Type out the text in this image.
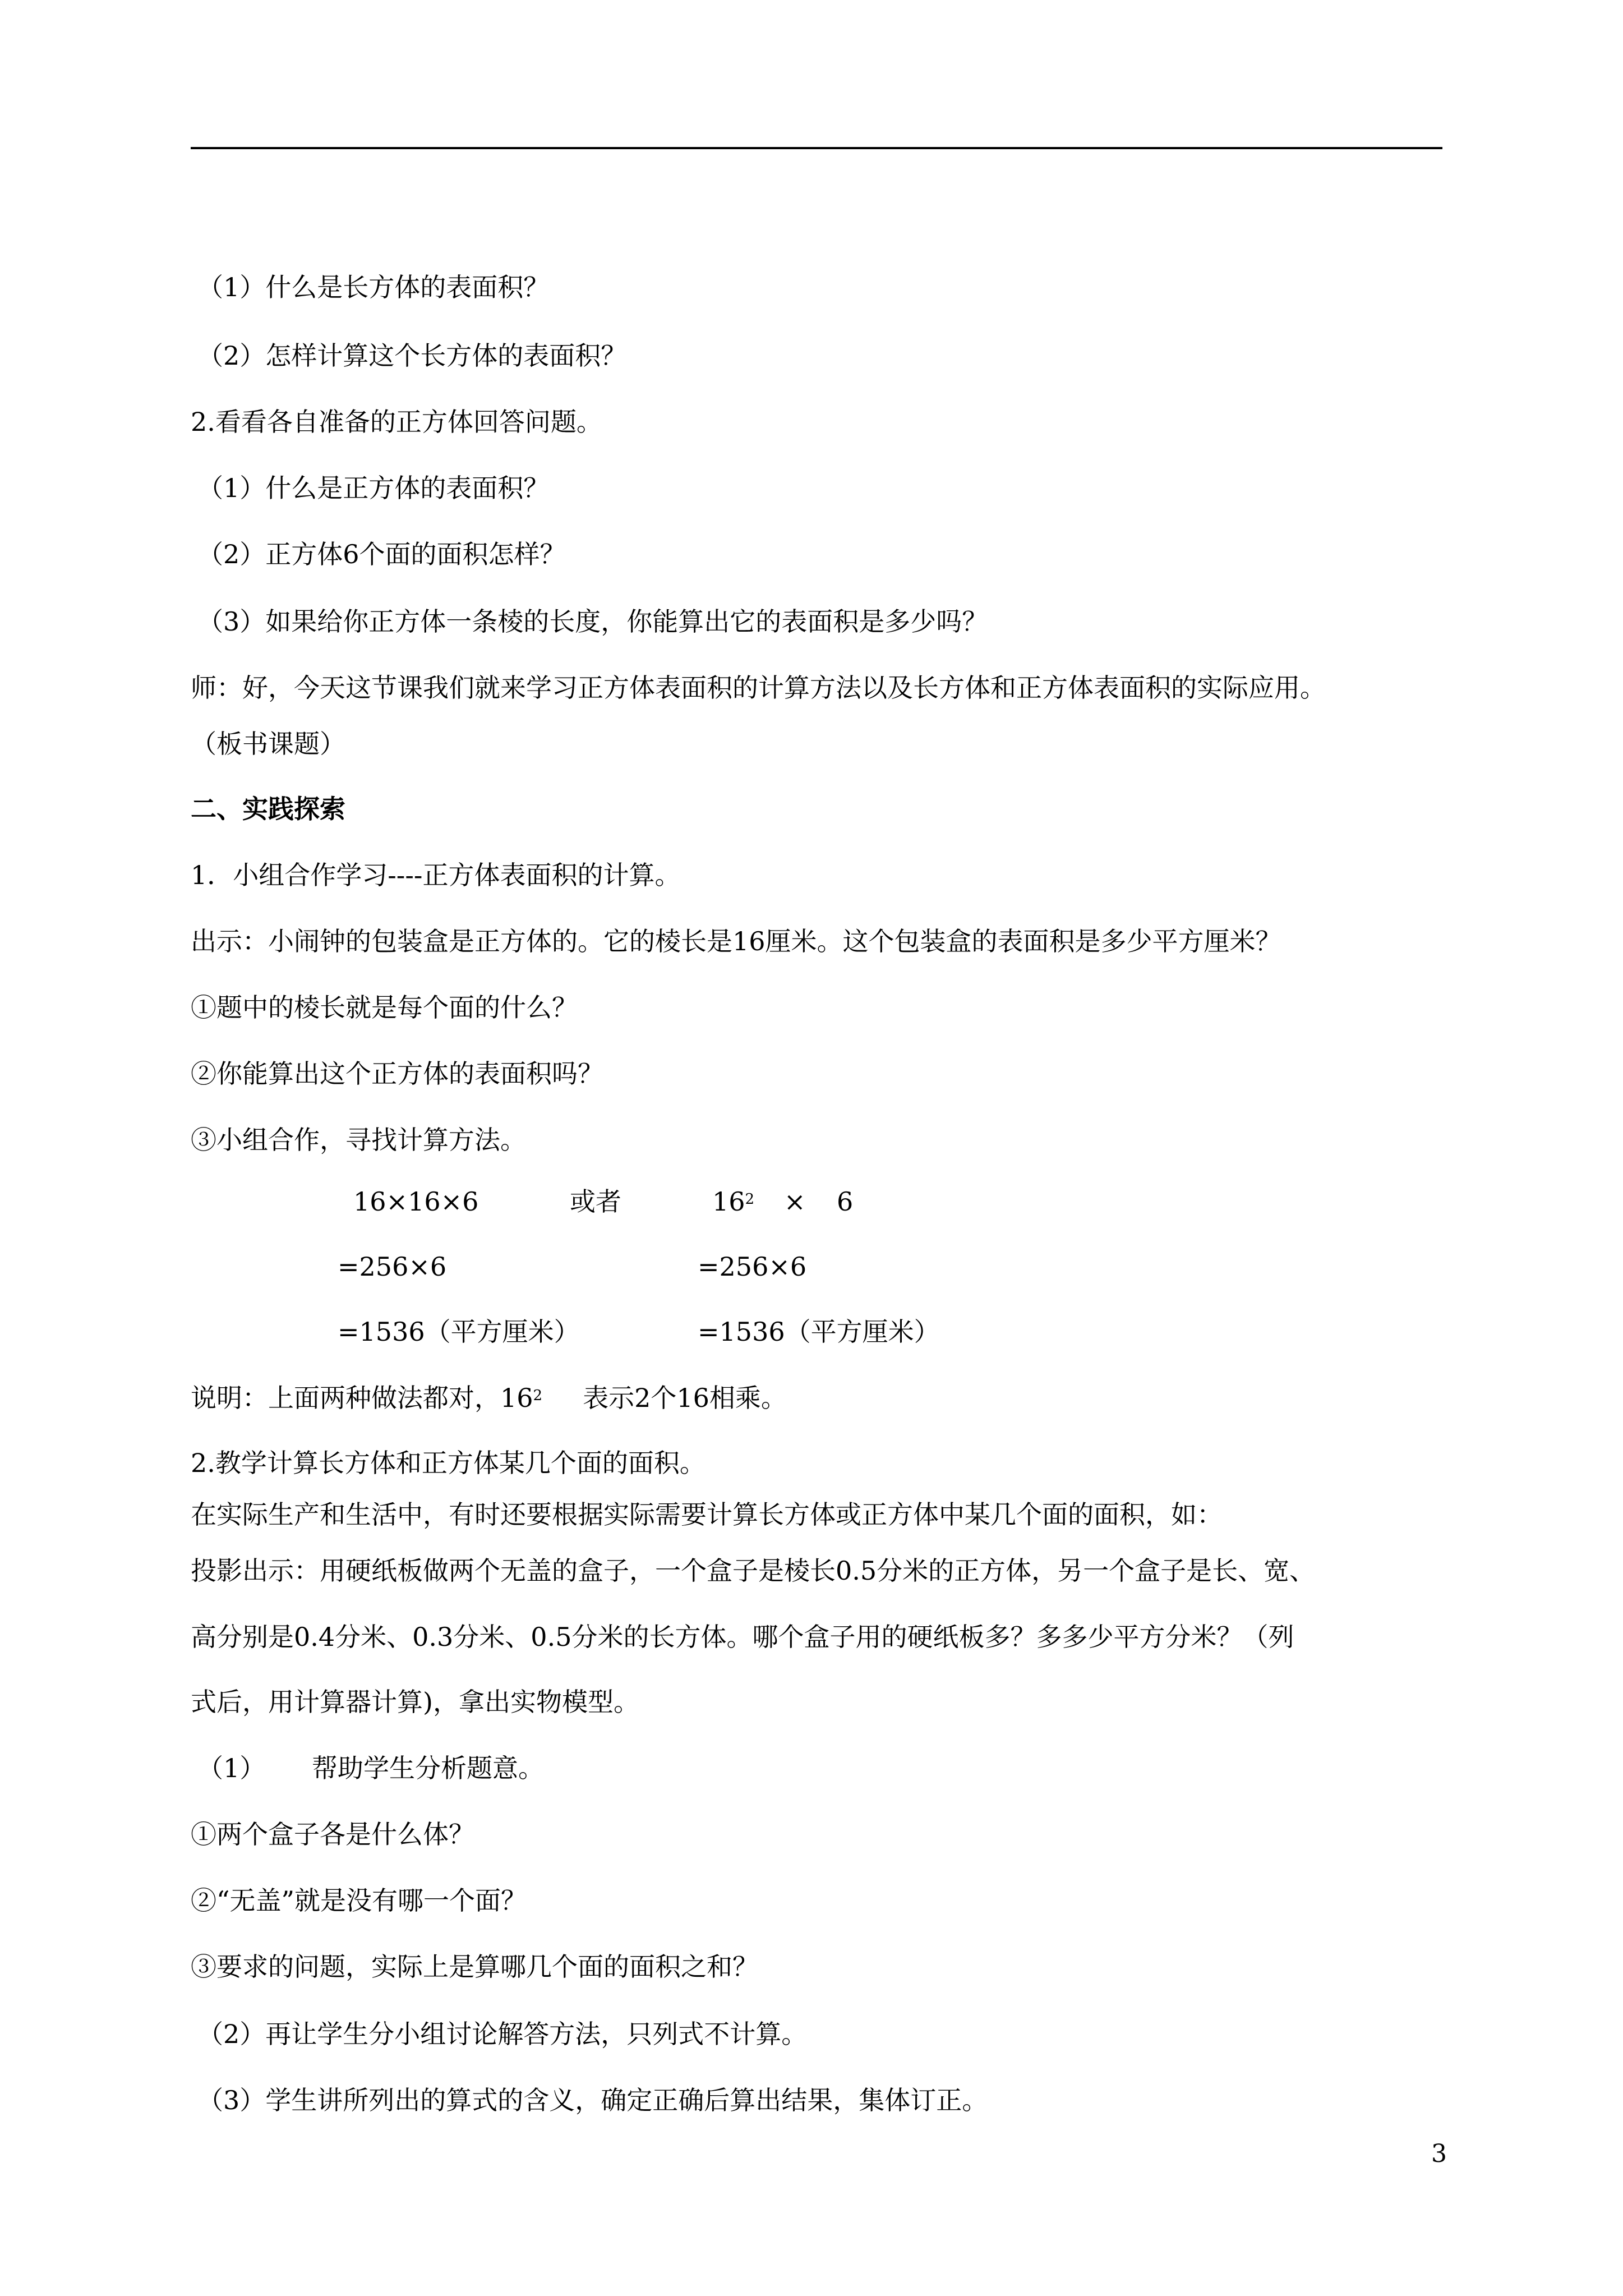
（1）什么是长方体的表面积？
（2）怎样计算这个长方体的表面积？
2.看看各自准备的正方体回答问题。
（1）什么是正方体的表面积？
（2）正方体6个面的面积怎样？
（3）如果给你正方体一条棱的长度，你能算出它的表面积是多少吗？
师：好，今天这节课我们就来学习正方体表面积的计算方法以及长方体和正方体表面积的实际应用。
（板书课题）
二、实践探索
1．小组合作学习----正方体表面积的计算。
出示：小闹钟的包装盒是正方体的。它的棱长是16厘米。这个包装盒的表面积是多少平方厘米？
①题中的棱长就是每个面的什么？
②你能算出这个正方体的表面积吗？
③小组合作，寻找计算方法。
16×16×6	或者	$16^2 \times 6$
=256×6	=256×6
=1536（平方厘米）	=1536（平方厘米）
说明：上面两种做法都对，$16^2$ 表示2个16相乘。
2.教学计算长方体和正方体某几个面的面积。
在实际生产和生活中，有时还要根据实际需要计算长方体或正方体中某几个面的面积，如：
投影出示：用硬纸板做两个无盖的盒子，一个盒子是棱长0.5分米的正方体，另一个盒子是长、宽、
高分别是0.4分米、0.3分米、0.5分米的长方体。哪个盒子用的硬纸板多？多多少平方分米？（列
式后，用计算器计算)，拿出实物模型。
（1） 帮助学生分析题意。
①两个盒子各是什么体？
②“无盖”就是没有哪一个面？
③要求的问题，实际上是算哪几个面的面积之和？
（2）再让学生分小组讨论解答方法，只列式不计算。
（3）学生讲所列出的算式的含义，确定正确后算出结果，集体订正。
3
